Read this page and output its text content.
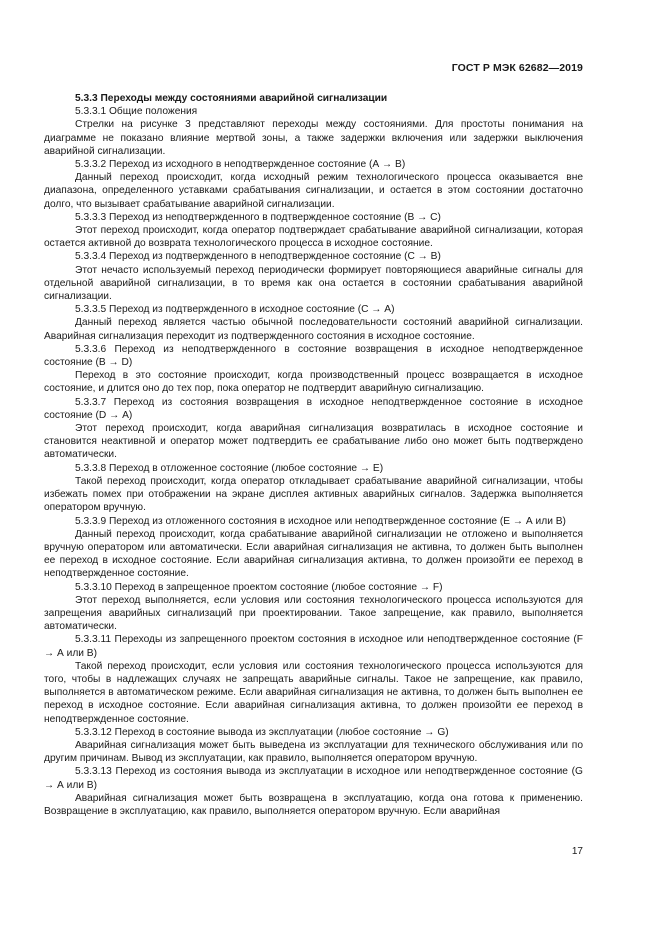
ГОСТ Р МЭК 62682—2019

5.3.3 Переходы между состояниями аварийной сигнализации

5.3.3.1 Общие положения

Стрелки на рисунке 3 представляют переходы между состояниями. Для простоты понимания на диаграмме не показано влияние мертвой зоны, а также задержки включения или задержки выключения аварийной сигнализации.

5.3.3.2 Переход из исходного в неподтвержденное состояние (А → В)

Данный переход происходит, когда исходный режим технологического процесса оказывается вне диапазона, определенного уставками срабатывания сигнализации, и остается в этом состоянии достаточно долго, что вызывает срабатывание аварийной сигнализации.

5.3.3.3 Переход из неподтвержденного в подтвержденное состояние (В → С)

Этот переход происходит, когда оператор подтверждает срабатывание аварийной сигнализации, которая остается активной до возврата технологического процесса в исходное состояние.

5.3.3.4 Переход из подтвержденного в неподтвержденное состояние (С → В)

Этот нечасто используемый переход периодически формирует повторяющиеся аварийные сигналы для отдельной аварийной сигнализации, в то время как она остается в состоянии срабатывания аварийной сигнализации.

5.3.3.5 Переход из подтвержденного в исходное состояние (С → А)

Данный переход является частью обычной последовательности состояний аварийной сигнализации. Аварийная сигнализация переходит из подтвержденного состояния в исходное состояние.

5.3.3.6 Переход из неподтвержденного в состояние возвращения в исходное неподтвержденное состояние (В → D)

Переход в это состояние происходит, когда производственный процесс возвращается в исходное состояние, и длится оно до тех пор, пока оператор не подтвердит аварийную сигнализацию.

5.3.3.7 Переход из состояния возвращения в исходное неподтвержденное состояние в исходное состояние (D → А)

Этот переход происходит, когда аварийная сигнализация возвратилась в исходное состояние и становится неактивной и оператор может подтвердить ее срабатывание либо оно может быть подтверждено автоматически.

5.3.3.8 Переход в отложенное состояние (любое состояние → Е)

Такой переход происходит, когда оператор откладывает срабатывание аварийной сигнализации, чтобы избежать помех при отображении на экране дисплея активных аварийных сигналов. Задержка выполняется оператором вручную.

5.3.3.9 Переход из отложенного состояния в исходное или неподтвержденное состояние (Е → А или В)

Данный переход происходит, когда срабатывание аварийной сигнализации не отложено и выполняется вручную оператором или автоматически. Если аварийная сигнализация не активна, то должен быть выполнен ее переход в исходное состояние. Если аварийная сигнализация активна, то должен произойти ее переход в неподтвержденное состояние.

5.3.3.10 Переход в запрещенное проектом состояние (любое состояние → F)

Этот переход выполняется, если условия или состояния технологического процесса используются для запрещения аварийных сигнализаций при проектировании. Такое запрещение, как правило, выполняется автоматически.

5.3.3.11 Переходы из запрещенного проектом состояния в исходное или неподтвержденное состояние (F → А или В)

Такой переход происходит, если условия или состояния технологического процесса используются для того, чтобы в надлежащих случаях не запрещать аварийные сигналы. Такое не запрещение, как правило, выполняется в автоматическом режиме. Если аварийная сигнализация не активна, то должен быть выполнен ее переход в исходное состояние. Если аварийная сигнализация активна, то должен произойти ее переход в неподтвержденное состояние.

5.3.3.12 Переход в состояние вывода из эксплуатации (любое состояние → G)

Аварийная сигнализация может быть выведена из эксплуатации для технического обслуживания или по другим причинам. Вывод из эксплуатации, как правило, выполняется оператором вручную.

5.3.3.13 Переход из состояния вывода из эксплуатации в исходное или неподтвержденное состояние (G → А или В)

Аварийная сигнализация может быть возвращена в эксплуатацию, когда она готова к применению. Возвращение в эксплуатацию, как правило, выполняется оператором вручную. Если аварийная

17
